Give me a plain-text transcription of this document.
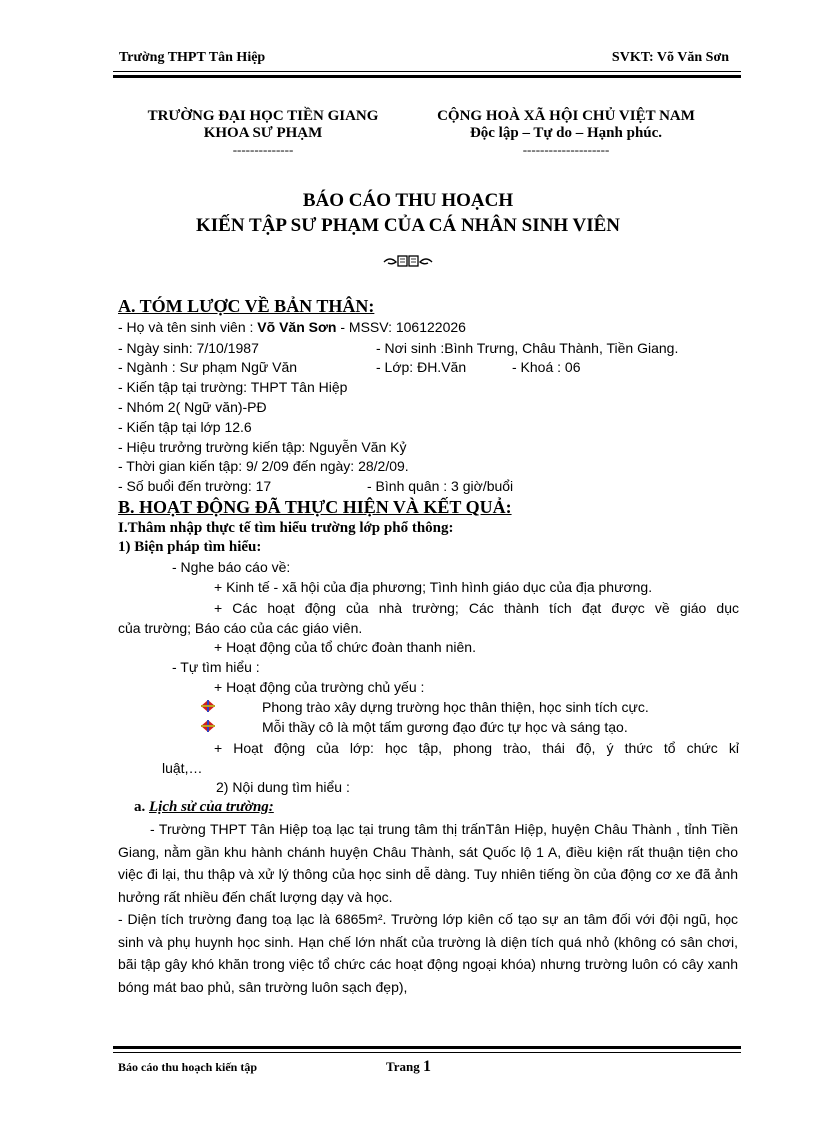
Trường THPT Tân Hiệp	SVKT: Võ Văn Sơn
TRƯỜNG ĐẠI HỌC TIỀN GIANG
KHOA SƯ PHẠM
--------------
CỘNG HOÀ XÃ HỘI CHỦ VIỆT NAM
Độc lập – Tự do – Hạnh phúc.
--------------------
BÁO CÁO THU HOẠCH
KIẾN TẬP SƯ PHẠM CỦA CÁ NHÂN SINH VIÊN
A. TÓM LƯỢC VỀ BẢN THÂN:
- Họ và tên sinh viên : Võ Văn Sơn - MSSV: 106122026
- Ngày sinh: 7/10/1987	- Nơi sinh :Bình Trưng, Châu Thành, Tiền Giang.
- Ngành : Sư phạm Ngữ Văn	- Lớp: ĐH.Văn	- Khoá : 06
- Kiến tập tại trường: THPT Tân Hiệp
- Nhóm 2( Ngữ văn)-PĐ
- Kiến tập tại lớp 12.6
- Hiệu trưởng trường kiến tập: Nguyễn Văn Kỷ
- Thời gian kiến tập: 9/ 2/09 đến ngày: 28/2/09.
- Số buổi đến trường: 17	- Bình quân : 3 giờ/buổi
B. HOẠT ĐỘNG ĐÃ THỰC HIỆN VÀ KẾT QUẢ:
I.Thâm nhập thực tế tìm hiểu trường lớp phổ thông:
1) Biện pháp tìm hiểu:
- Nghe báo cáo về:
+ Kinh tế - xã hội của địa phương; Tình hình giáo dục của địa phương.
+ Các hoạt động của nhà trường; Các thành tích đạt được về giáo dục
của trường; Báo cáo của các giáo viên.
+ Hoạt động của tổ chức đoàn thanh niên.
- Tự tìm hiểu :
+ Hoạt động của trường chủ yếu :
Phong trào xây dựng trường học thân thiện, học sinh tích cực.
Mỗi thầy cô là một tấm gương đạo đức tự học và sáng tạo.
+ Hoạt động của lớp: học tập, phong trào, thái độ, ý thức tổ chức kỉ
luật,…
2) Nội dung tìm hiểu :
a. Lịch sử của trường:
- Trường THPT Tân Hiệp toạ lạc tại trung tâm thị trấnTân Hiệp, huyện Châu Thành , tỉnh Tiền Giang, nằm gần khu hành chánh huyện Châu Thành, sát Quốc lộ 1 A, điều kiện rất thuận tiện cho việc đi lại, thu thập và xử lý thông của học sinh dễ dàng. Tuy nhiên tiếng ồn của động cơ xe đã ảnh hưởng rất nhiều đến chất lượng dạy và học.
- Diện tích trường đang toạ lạc là 6865m². Trường lớp kiên cố tạo sự an tâm đối với đội ngũ, học sinh và phụ huynh học sinh. Hạn chế lớn nhất của trường là diện tích quá nhỏ (không có sân chơi, bãi tập gây khó khăn trong việc tổ chức các hoạt động ngoại khóa) nhưng trường luôn có cây xanh bóng mát bao phủ, sân trường luôn sạch đẹp),
Báo cáo thu hoạch kiến tập	Trang 1
